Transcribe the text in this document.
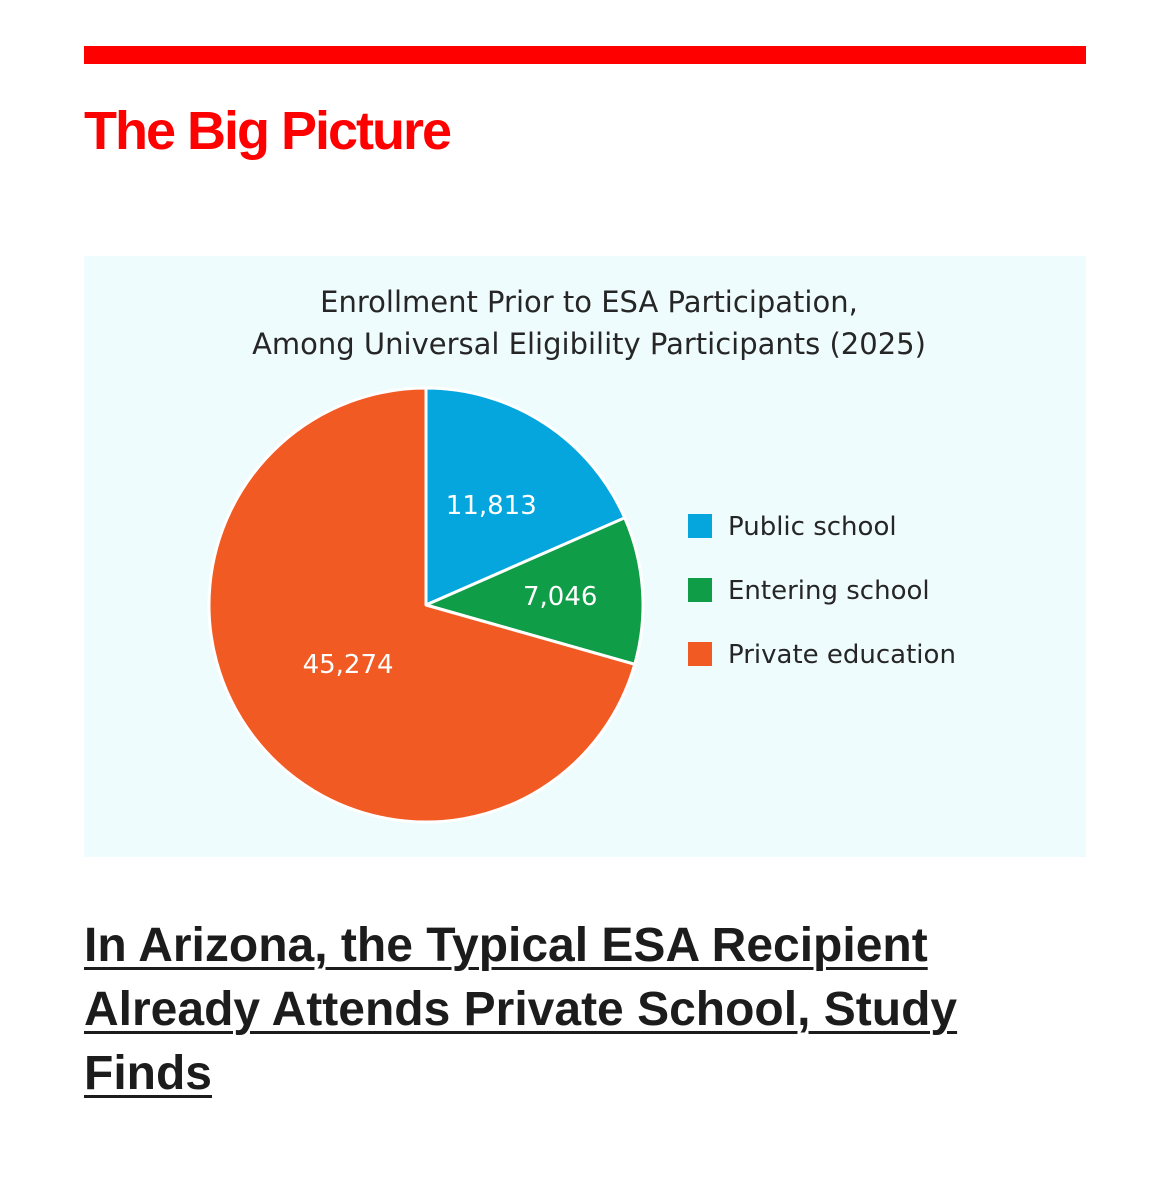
The Big Picture
Enrollment Prior to ESA Participation,
Among Universal Eligibility Participants (2025)
11,813
7,046
45,274
Public school
Entering school
Private education
In Arizona, the Typical ESA Recipient Already Attends Private School, Study Finds
